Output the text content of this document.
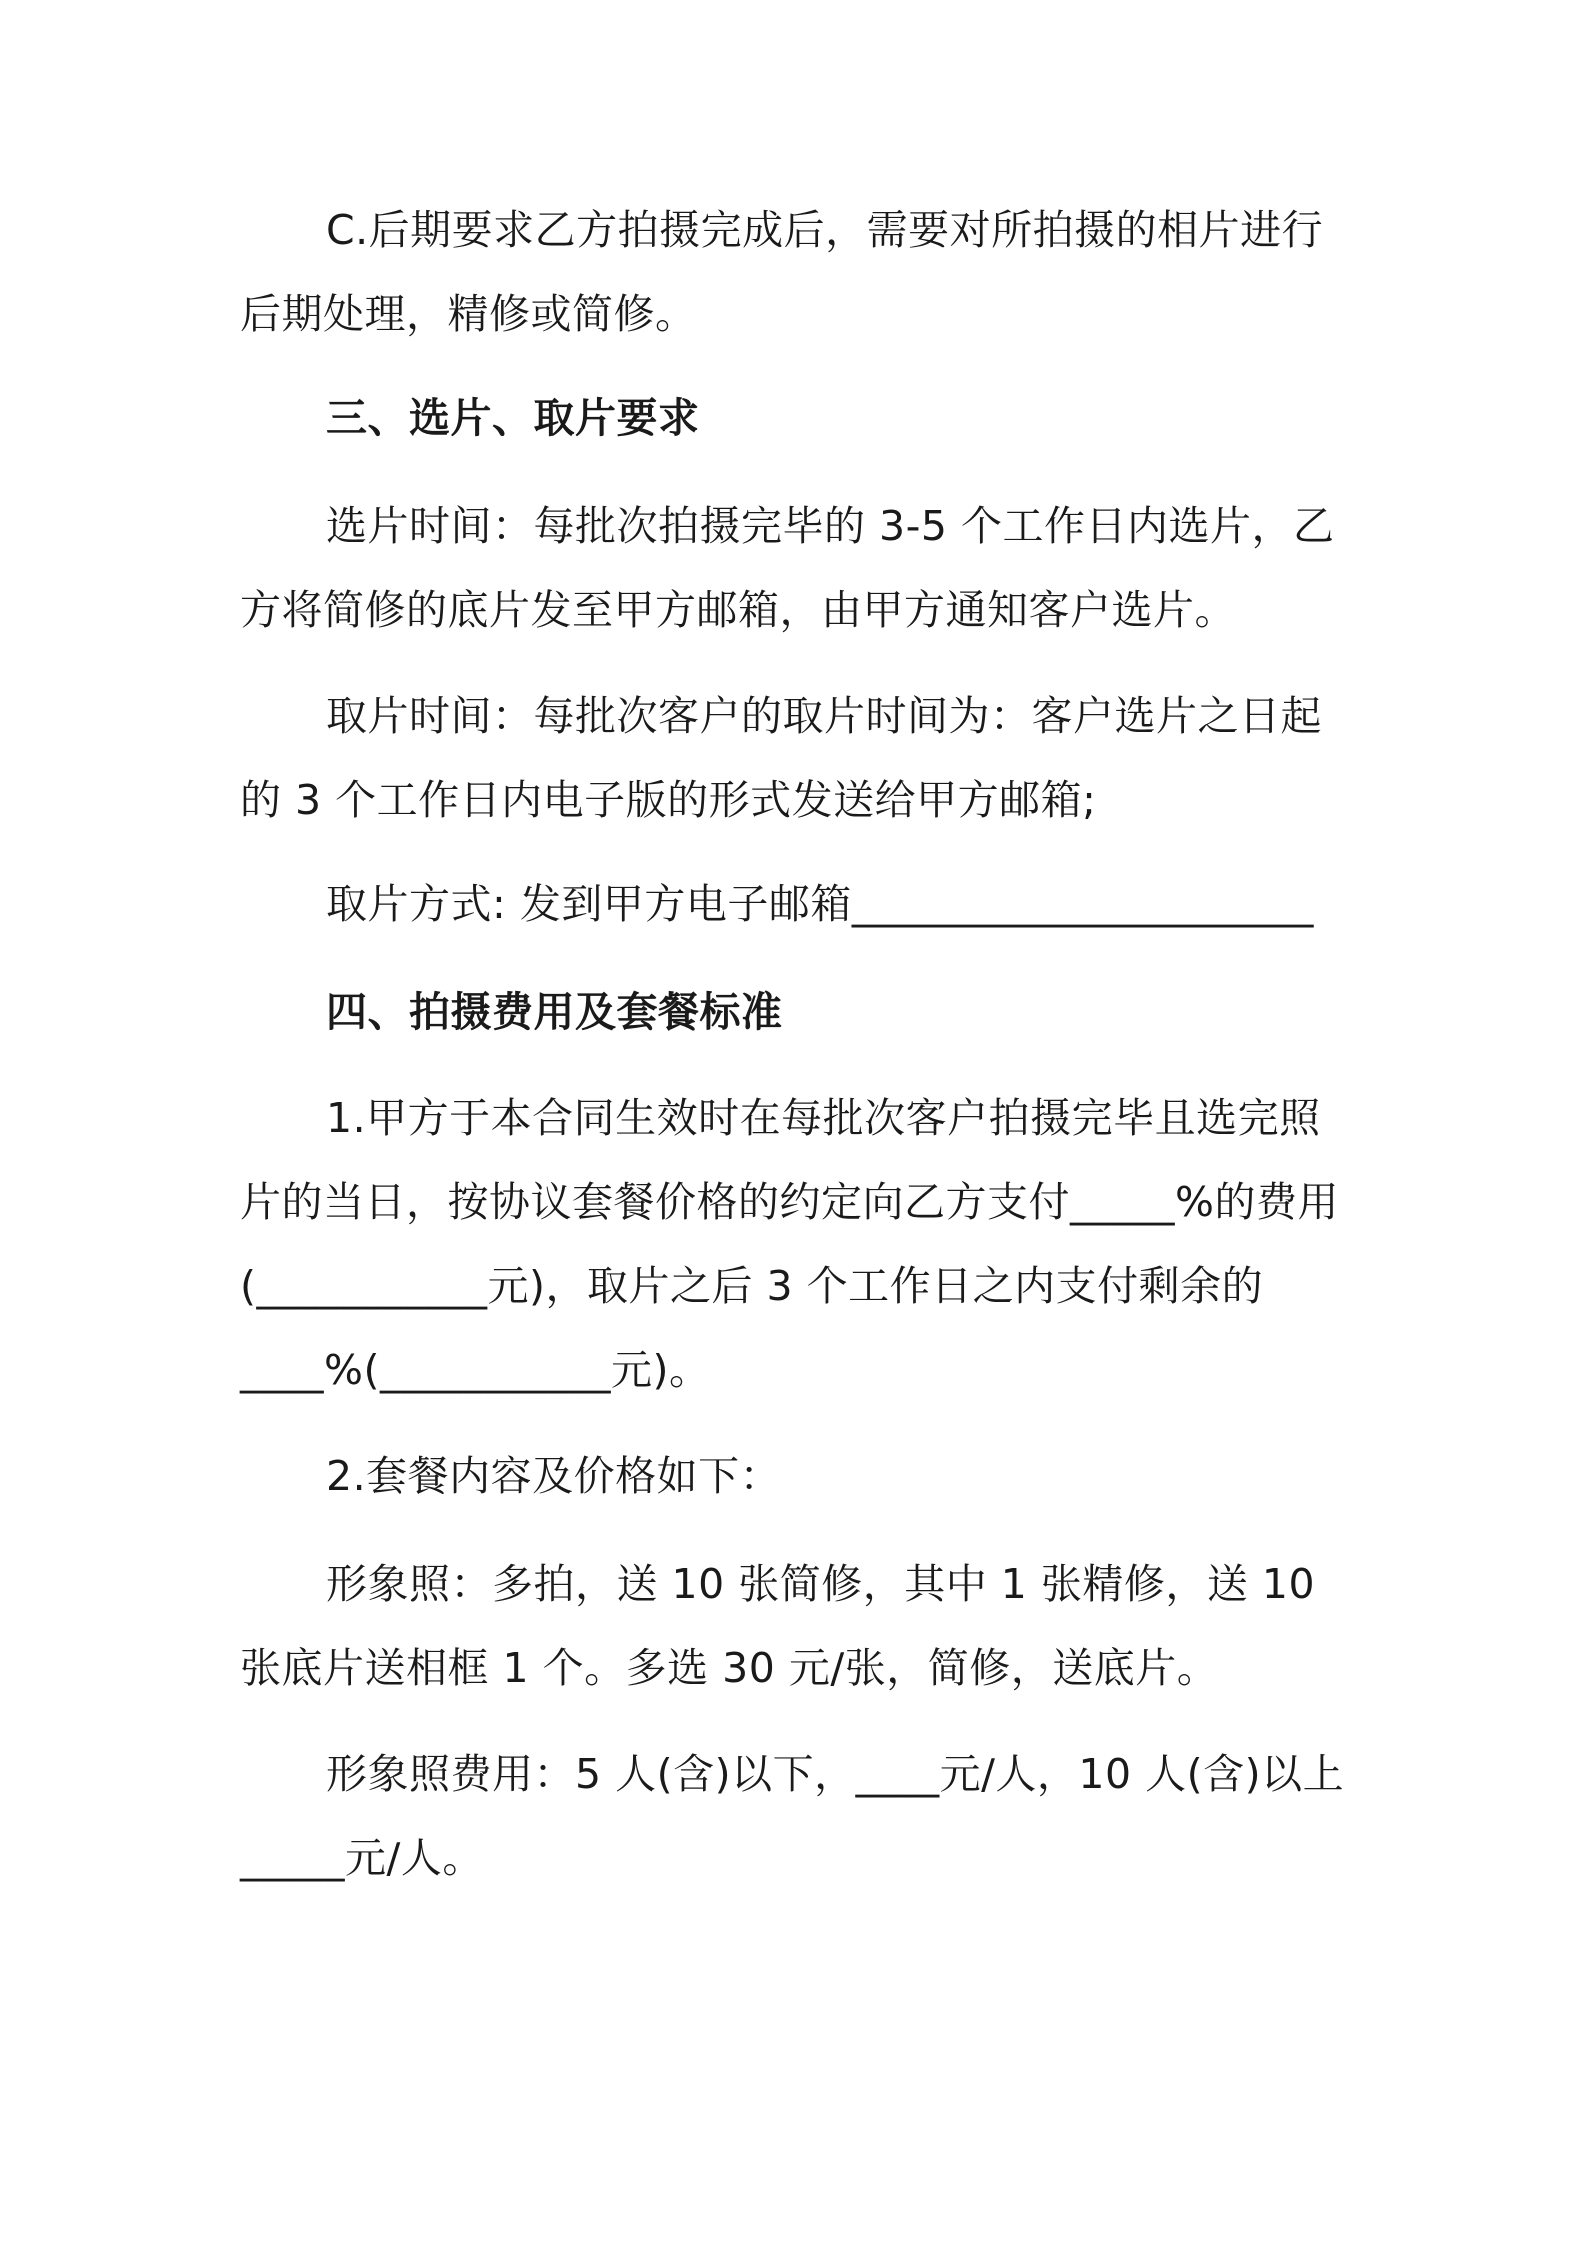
C.后期要求乙方拍摄完成后，需要对所拍摄的相片进行后期处理，精修或简修。

三、选片、取片要求

选片时间：每批次拍摄完毕的 3-5 个工作日内选片，乙方将简修的底片发至甲方邮箱，由甲方通知客户选片。

取片时间：每批次客户的取片时间为：客户选片之日起的 3 个工作日内电子版的形式发送给甲方邮箱;

取片方式: 发到甲方电子邮箱______________________

四、拍摄费用及套餐标准

1.甲方于本合同生效时在每批次客户拍摄完毕且选完照片的当日，按协议套餐价格的约定向乙方支付_____%的费用(___________元)，取片之后 3 个工作日之内支付剩余的____%(___________元)。

2.套餐内容及价格如下：

形象照：多拍，送 10 张简修，其中 1 张精修，送 10 张底片送相框 1 个。多选 30 元/张，简修，送底片。

形象照费用：5 人(含)以下，____元/人，10 人(含)以上_____元/人。
